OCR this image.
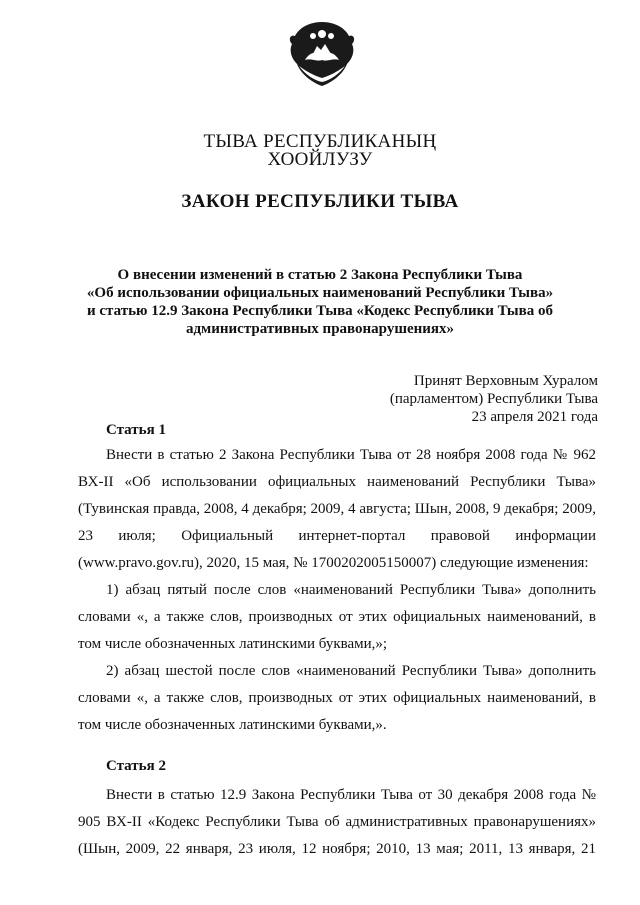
ТЫВА РЕСПУБЛИКАНЫҢ
ХООЙЛУЗУ
ЗАКОН РЕСПУБЛИКИ ТЫВА
О внесении изменений в статью 2 Закона Республики Тыва
«Об использовании официальных наименований Республики Тыва»
и статью 12.9 Закона Республики Тыва «Кодекс Республики Тыва об
административных правонарушениях»
Принят Верховным Хуралом
(парламентом) Республики Тыва
23 апреля 2021 года
Статья 1

Внести в статью 2 Закона Республики Тыва от 28 ноября 2008 года № 962 ВХ-II «Об использовании официальных наименований Республики Тыва» (Тувинская правда, 2008, 4 декабря; 2009, 4 августа; Шын, 2008, 9 декабря; 2009, 23 июля; Официальный интернет-портал правовой информации (www.pravo.gov.ru), 2020, 15 мая, № 1700202005150007) следующие изменения:

1) абзац пятый после слов «наименований Республики Тыва» дополнить словами «, а также слов, производных от этих официальных наименований, в том числе обозначенных латинскими буквами,»;

2) абзац шестой после слов «наименований Республики Тыва» дополнить словами «, а также слов, производных от этих официальных наименований, в том числе обозначенных латинскими буквами,».

Статья 2

Внести в статью 12.9 Закона Республики Тыва от 30 декабря 2008 года № 905 ВХ-II «Кодекс Республики Тыва об административных правонарушениях» (Шын, 2009, 22 января, 23 июля, 12 ноября; 2010, 13 мая; 2011, 13 января, 21
